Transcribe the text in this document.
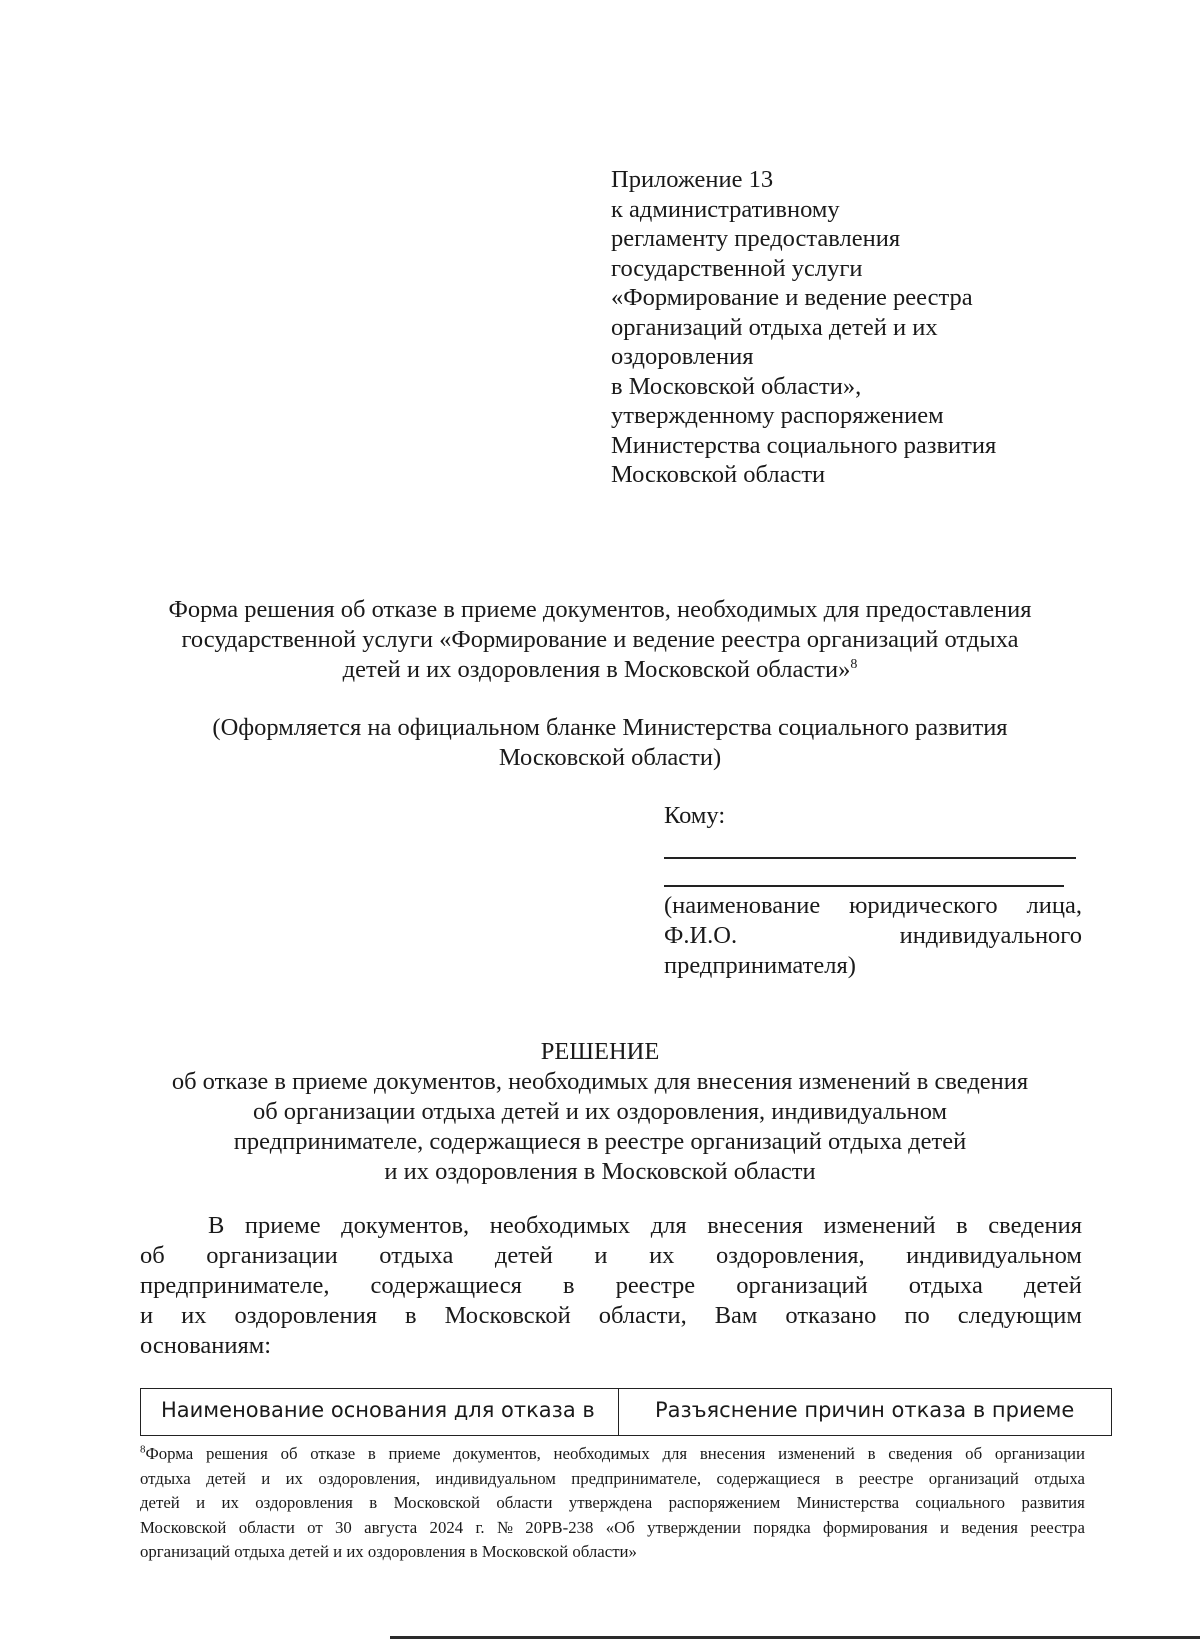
Приложение 13
к административному
регламенту предоставления
государственной услуги
«Формирование и ведение реестра
организаций отдыха детей и их
оздоровления
в Московской области»,
утвержденному распоряжением
Министерства социального развития
Московской области
Форма решения об отказе в приеме документов, необходимых для предоставления
государственной услуги «Формирование и ведение реестра организаций отдыха
детей и их оздоровления в Московской области»$^8$
(Оформляется на официальном бланке Министерства социального развития
Московской области)
Кому:
(наименование юридического лица,
Ф.И.О.	индивидуального
предпринимателя)
РЕШЕНИЕ
об отказе в приеме документов, необходимых для внесения изменений в сведения
об организации отдыха детей и их оздоровления, индивидуальном
предпринимателе, содержащиеся в реестре организаций отдыха детей
и их оздоровления в Московской области
В приеме документов, необходимых для внесения изменений в сведения
об организации отдыха детей и их оздоровления, индивидуальном
предпринимателе, содержащиеся в реестре организаций отдыха детей
и их оздоровления в Московской области, Вам отказано по следующим
основаниям:
Наименование основания для отказа в	Разъяснение причин отказа в приеме
$^8$Форма решения об отказе в приеме документов, необходимых для внесения изменений в сведения об организации
отдыха детей и их оздоровления, индивидуальном предпринимателе, содержащиеся в реестре организаций отдыха
детей и их оздоровления в Московской области утверждена распоряжением Министерства социального развития
Московской области от 30 августа 2024 г. № 20РВ-238 «Об утверждении порядка формирования и ведения реестра
организаций отдыха детей и их оздоровления в Московской области»
